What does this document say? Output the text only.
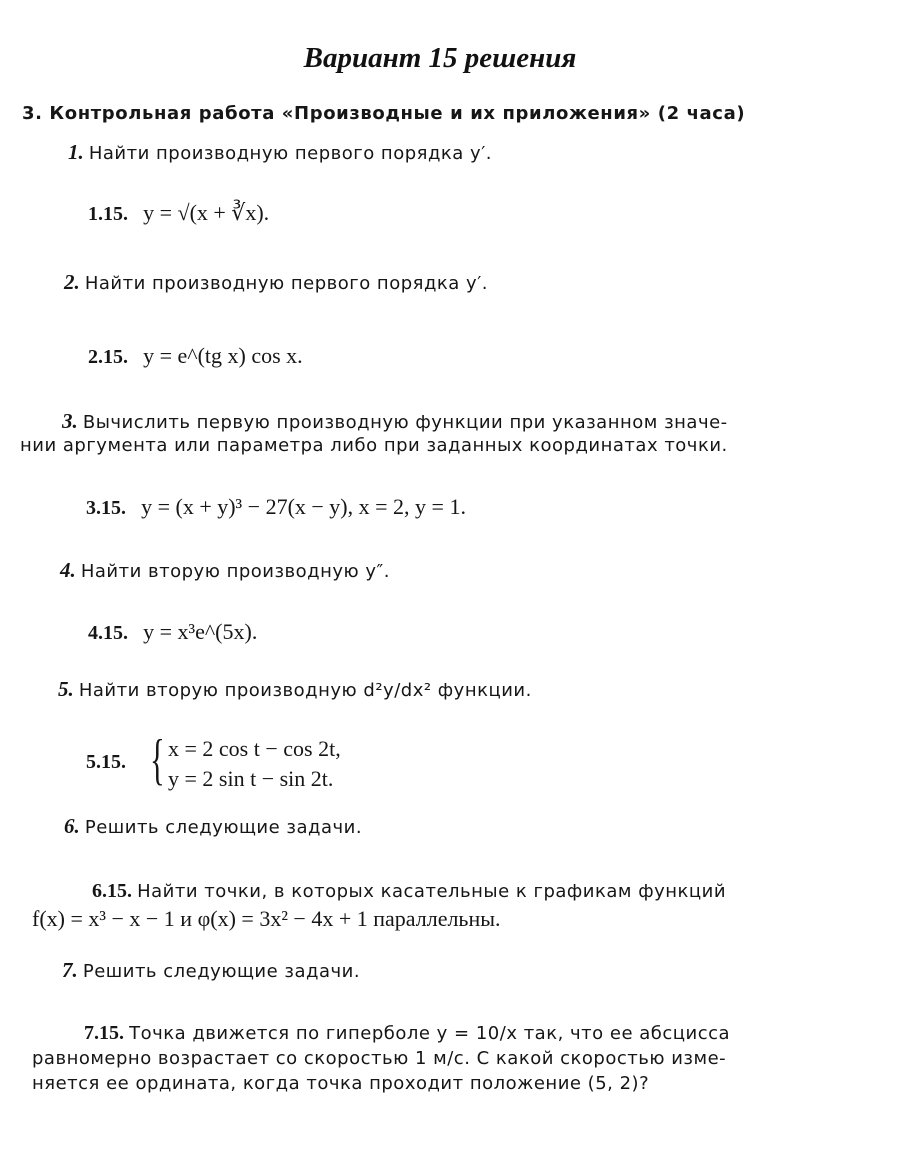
Вариант 15 решения
3. Контрольная работа «Производные и их приложения» (2 часа)
1. Найти производную первого порядка y′.
1.15. y = √(x + ∛x).
2. Найти производную первого порядка y′.
2.15. y = e^(tg x) cos x.
3. Вычислить первую производную функции при указанном значе-
нии аргумента или параметра либо при заданных координатах точки.
3.15. y = (x + y)³ − 27(x − y), x = 2, y = 1.
4. Найти вторую производную y″.
4.15. y = x³e^(5x).
5. Найти вторую производную d²y/dx² функции.
5.15. { x = 2 cos t − cos 2t,
y = 2 sin t − sin 2t.
6. Решить следующие задачи.
6.15. Найти точки, в которых касательные к графикам функций
f(x) = x³ − x − 1 и φ(x) = 3x² − 4x + 1 параллельны.
7. Решить следующие задачи.
7.15. Точка движется по гиперболе y = 10/x так, что ее абсцисса
равномерно возрастает со скоростью 1 м/с. С какой скоростью изме-
няется ее ордината, когда точка проходит положение (5, 2)?
